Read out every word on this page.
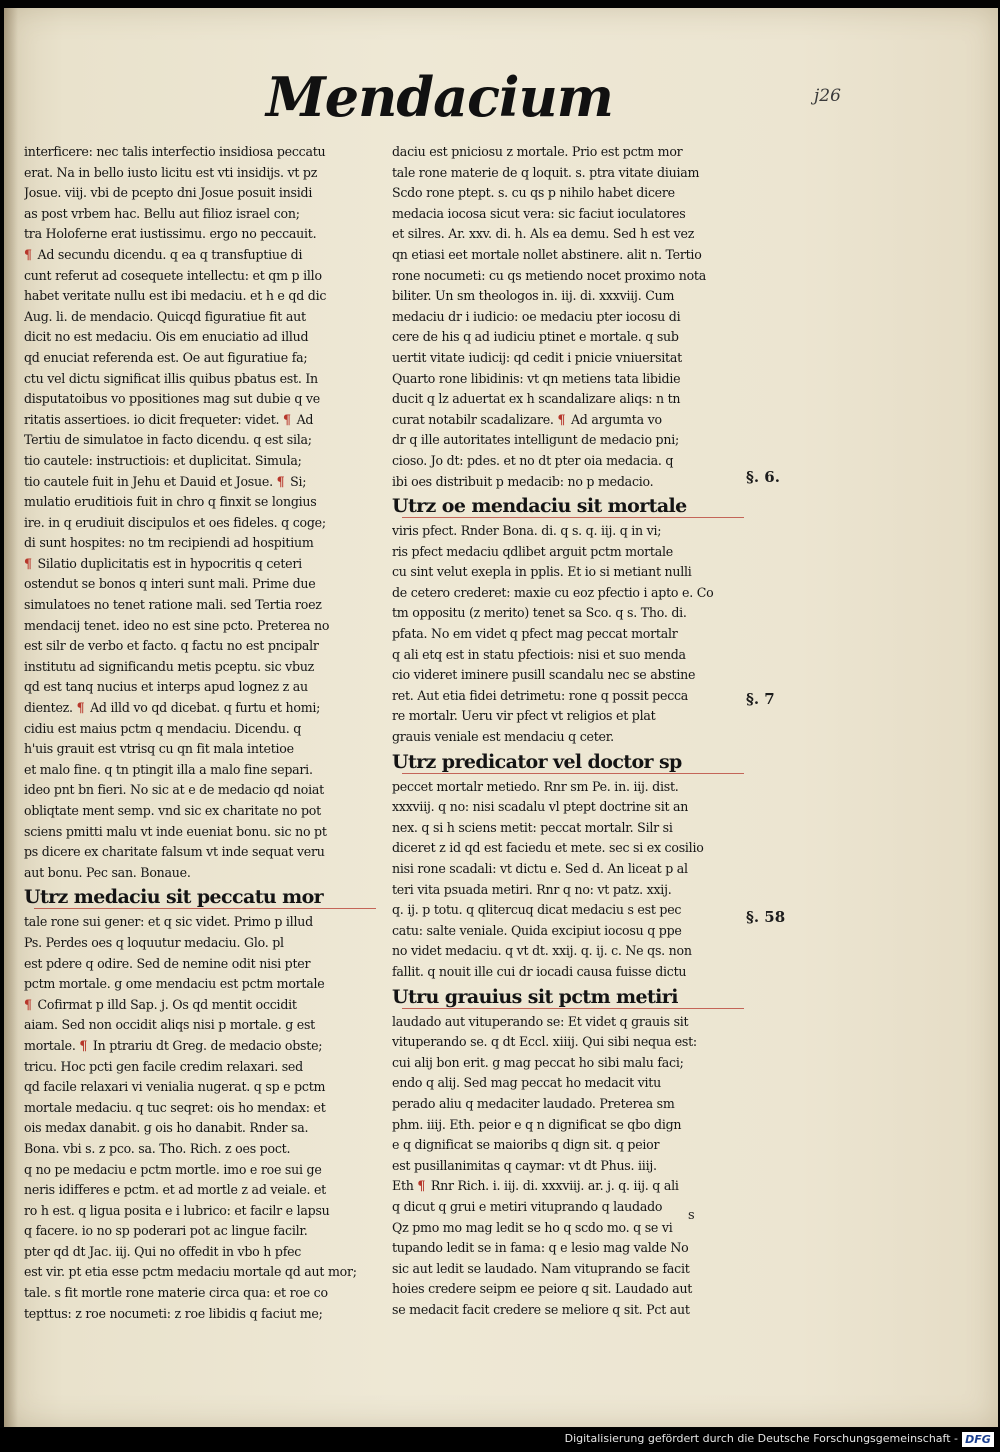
Mendacium	j26
interficere: nec talis interfectio insidiosa peccatu
erat. Na in bello iusto licitu est vti insidijs. vt pz
Josue. viij. vbi de pcepto dni Josue posuit insidi
as post vrbem hac. Bellu aut filioz israel con;
tra Holoferne erat iustissimu. ergo no peccauit.
¶ Ad secundu dicendu. q ea q transfuptiue di
cunt referut ad cosequete intellectu: et qm p illo
habet veritate nullu est ibi medaciu. et h e qd dic
Aug. li. de mendacio. Quicqd figuratiue fit aut
dicit no est medaciu. Ois em enuciatio ad illud
qd enuciat referenda est. Oe aut figuratiue fa;
ctu vel dictu significat illis quibus pbatus est. In
disputatoibus vo ppositiones mag sut dubie q ve
ritatis assertioes. io dicit frequeter: videt. ¶ Ad
Tertiu de simulatoe in facto dicendu. q est sila;
tio cautele: instructiois: et duplicitat. Simula;
tio cautele fuit in Jehu et Dauid et Josue. ¶ Si;
mulatio eruditiois fuit in chro q finxit se longius
ire. in q erudiuit discipulos et oes fideles. q coge;
di sunt hospites: no tm recipiendi ad hospitium
¶ Silatio duplicitatis est in hypocritis q ceteri
ostendut se bonos q interi sunt mali. Prime due
simulatoes no tenet ratione mali. sed Tertia roez
mendacij tenet. ideo no est sine pcto. Preterea no
est silr de verbo et facto. q factu no est pncipalr
institutu ad significandu metis pceptu. sic vbuz
qd est tanq nucius et interps apud lognez z au
dientez. ¶ Ad illd vo qd dicebat. q furtu et homi;
cidiu est maius pctm q mendaciu. Dicendu. q
h'uis grauit est vtrisq cu qn fit mala intetioe
et malo fine. q tn ptingit illa a malo fine separi.
ideo pnt bn fieri. No sic at e de medacio qd noiat
obliqtate ment semp. vnd sic ex charitate no pot
sciens pmitti malu vt inde eueniat bonu. sic no pt
ps dicere ex charitate falsum vt inde sequat veru
aut bonu. Pec san. Bonaue.
Utrz medaciu sit peccatu mor
tale rone sui gener: et q sic videt. Primo p illud
Ps. Perdes oes q loquutur medaciu. Glo. pl
est pdere q odire. Sed de nemine odit nisi pter
pctm mortale. g ome mendaciu est pctm mortale
¶ Cofirmat p illd Sap. j. Os qd mentit occidit
aiam. Sed non occidit aliqs nisi p mortale. g est
mortale. ¶ In ptrariu dt Greg. de medacio obste;
tricu. Hoc pcti gen facile credim relaxari. sed
qd facile relaxari vi venialia nugerat. q sp e pctm
mortale medaciu. q tuc seqret: ois ho mendax: et
ois medax danabit. g ois ho danabit. Rnder sa.
Bona. vbi s. z pco. sa. Tho. Rich. z oes poct.
q no pe medaciu e pctm mortle. imo e roe sui ge
neris idifferes e pctm. et ad mortle z ad veiale. et
ro h est. q ligua posita e i lubrico: et facilr e lapsu
q facere. io no sp poderari pot ac lingue facilr.
pter qd dt Jac. iij. Qui no offedit in vbo h pfec
est vir. pt etia esse pctm medaciu mortale qd aut mor;
tale. s fit mortle rone materie circa qua: et roe co
tepttus: z roe nocumeti: z roe libidis q faciut me;
daciu est pniciosu z mortale. Prio est pctm mor
tale rone materie de q loquit. s. ptra vitate diuiam
Scdo rone ptept. s. cu qs p nihilo habet dicere
medacia iocosa sicut vera: sic faciut ioculatores
et silres. Ar. xxv. di. h. Als ea demu. Sed h est vez
qn etiasi eet mortale nollet abstinere. alit n. Tertio
rone nocumeti: cu qs metiendo nocet proximo nota
biliter. Un sm theologos in. iij. di. xxxviij. Cum
medaciu dr i iudicio: oe medaciu pter iocosu di
cere de his q ad iudiciu ptinet e mortale. q sub
uertit vitate iudicij: qd cedit i pnicie vniuersitat
Quarto rone libidinis: vt qn metiens tata libidie
ducit q lz aduertat ex h scandalizare aliqs: n tn
curat notabilr scadalizare. ¶ Ad argumta vo
dr q ille autoritates intelligunt de medacio pni;
cioso. Jo dt: pdes. et no dt pter oia medacia. q
ibi oes distribuit p medacib: no p medacio.
Utrz oe mendaciu sit mortale
viris pfect. Rnder Bona. di. q s. q. iij. q in vi;
ris pfect medaciu qdlibet arguit pctm mortale
cu sint velut exepla in pplis. Et io si metiant nulli
de cetero crederet: maxie cu eoz pfectio i apto e. Co
tm oppositu (z merito) tenet sa Sco. q s. Tho. di.
pfata. No em videt q pfect mag peccat mortalr
q ali etq est in statu pfectiois: nisi et suo menda
cio videret iminere pusill scandalu nec se abstine
ret. Aut etia fidei detrimetu: rone q possit pecca
re mortalr. Ueru vir pfect vt religios et plat
grauis veniale est mendaciu q ceter.
Utrz predicator vel doctor sp
peccet mortalr metiedo. Rnr sm Pe. in. iij. dist.
xxxviij. q no: nisi scadalu vl ptept doctrine sit an
nex. q si h sciens metit: peccat mortalr. Silr si
diceret z id qd est faciedu et mete. sec si ex cosilio
nisi rone scadali: vt dictu e. Sed d. An liceat p al
teri vita psuada metiri. Rnr q no: vt patz. xxij.
q. ij. p totu. q qlitercuq dicat medaciu s est pec
catu: salte veniale. Quida excipiut iocosu q ppe
no videt medaciu. q vt dt. xxij. q. ij. c. Ne qs. non
fallit. q nouit ille cui dr iocadi causa fuisse dictu
Utru grauius sit pctm metiri
laudado aut vituperando se: Et videt q grauis sit
vituperando se. q dt Eccl. xiiij. Qui sibi nequa est:
cui alij bon erit. g mag peccat ho sibi malu faci;
endo q alij. Sed mag peccat ho medacit vitu
perado aliu q medaciter laudado. Preterea sm
phm. iiij. Eth. peior e q n dignificat se qbo dign
e q dignificat se maioribs q dign sit. q peior
est pusillanimitas q caymar: vt dt Phus. iiij.
Eth ¶ Rnr Rich. i. iij. di. xxxviij. ar. j. q. iij. q ali
q dicut q grui e metiri vituprando q laudado
Qz pmo mo mag ledit se ho q scdo mo. q se vi
tupando ledit se in fama: q e lesio mag valde No
sic aut ledit se laudado. Nam vituprando se facit
hoies credere seipm ee peiore q sit. Laudado aut
se medacit facit credere se meliore q sit. Pct aut
§. 6.
§. 7
§. 58
s
Digitalisierung gefördert durch die Deutsche Forschungsgemeinschaft - DFG
